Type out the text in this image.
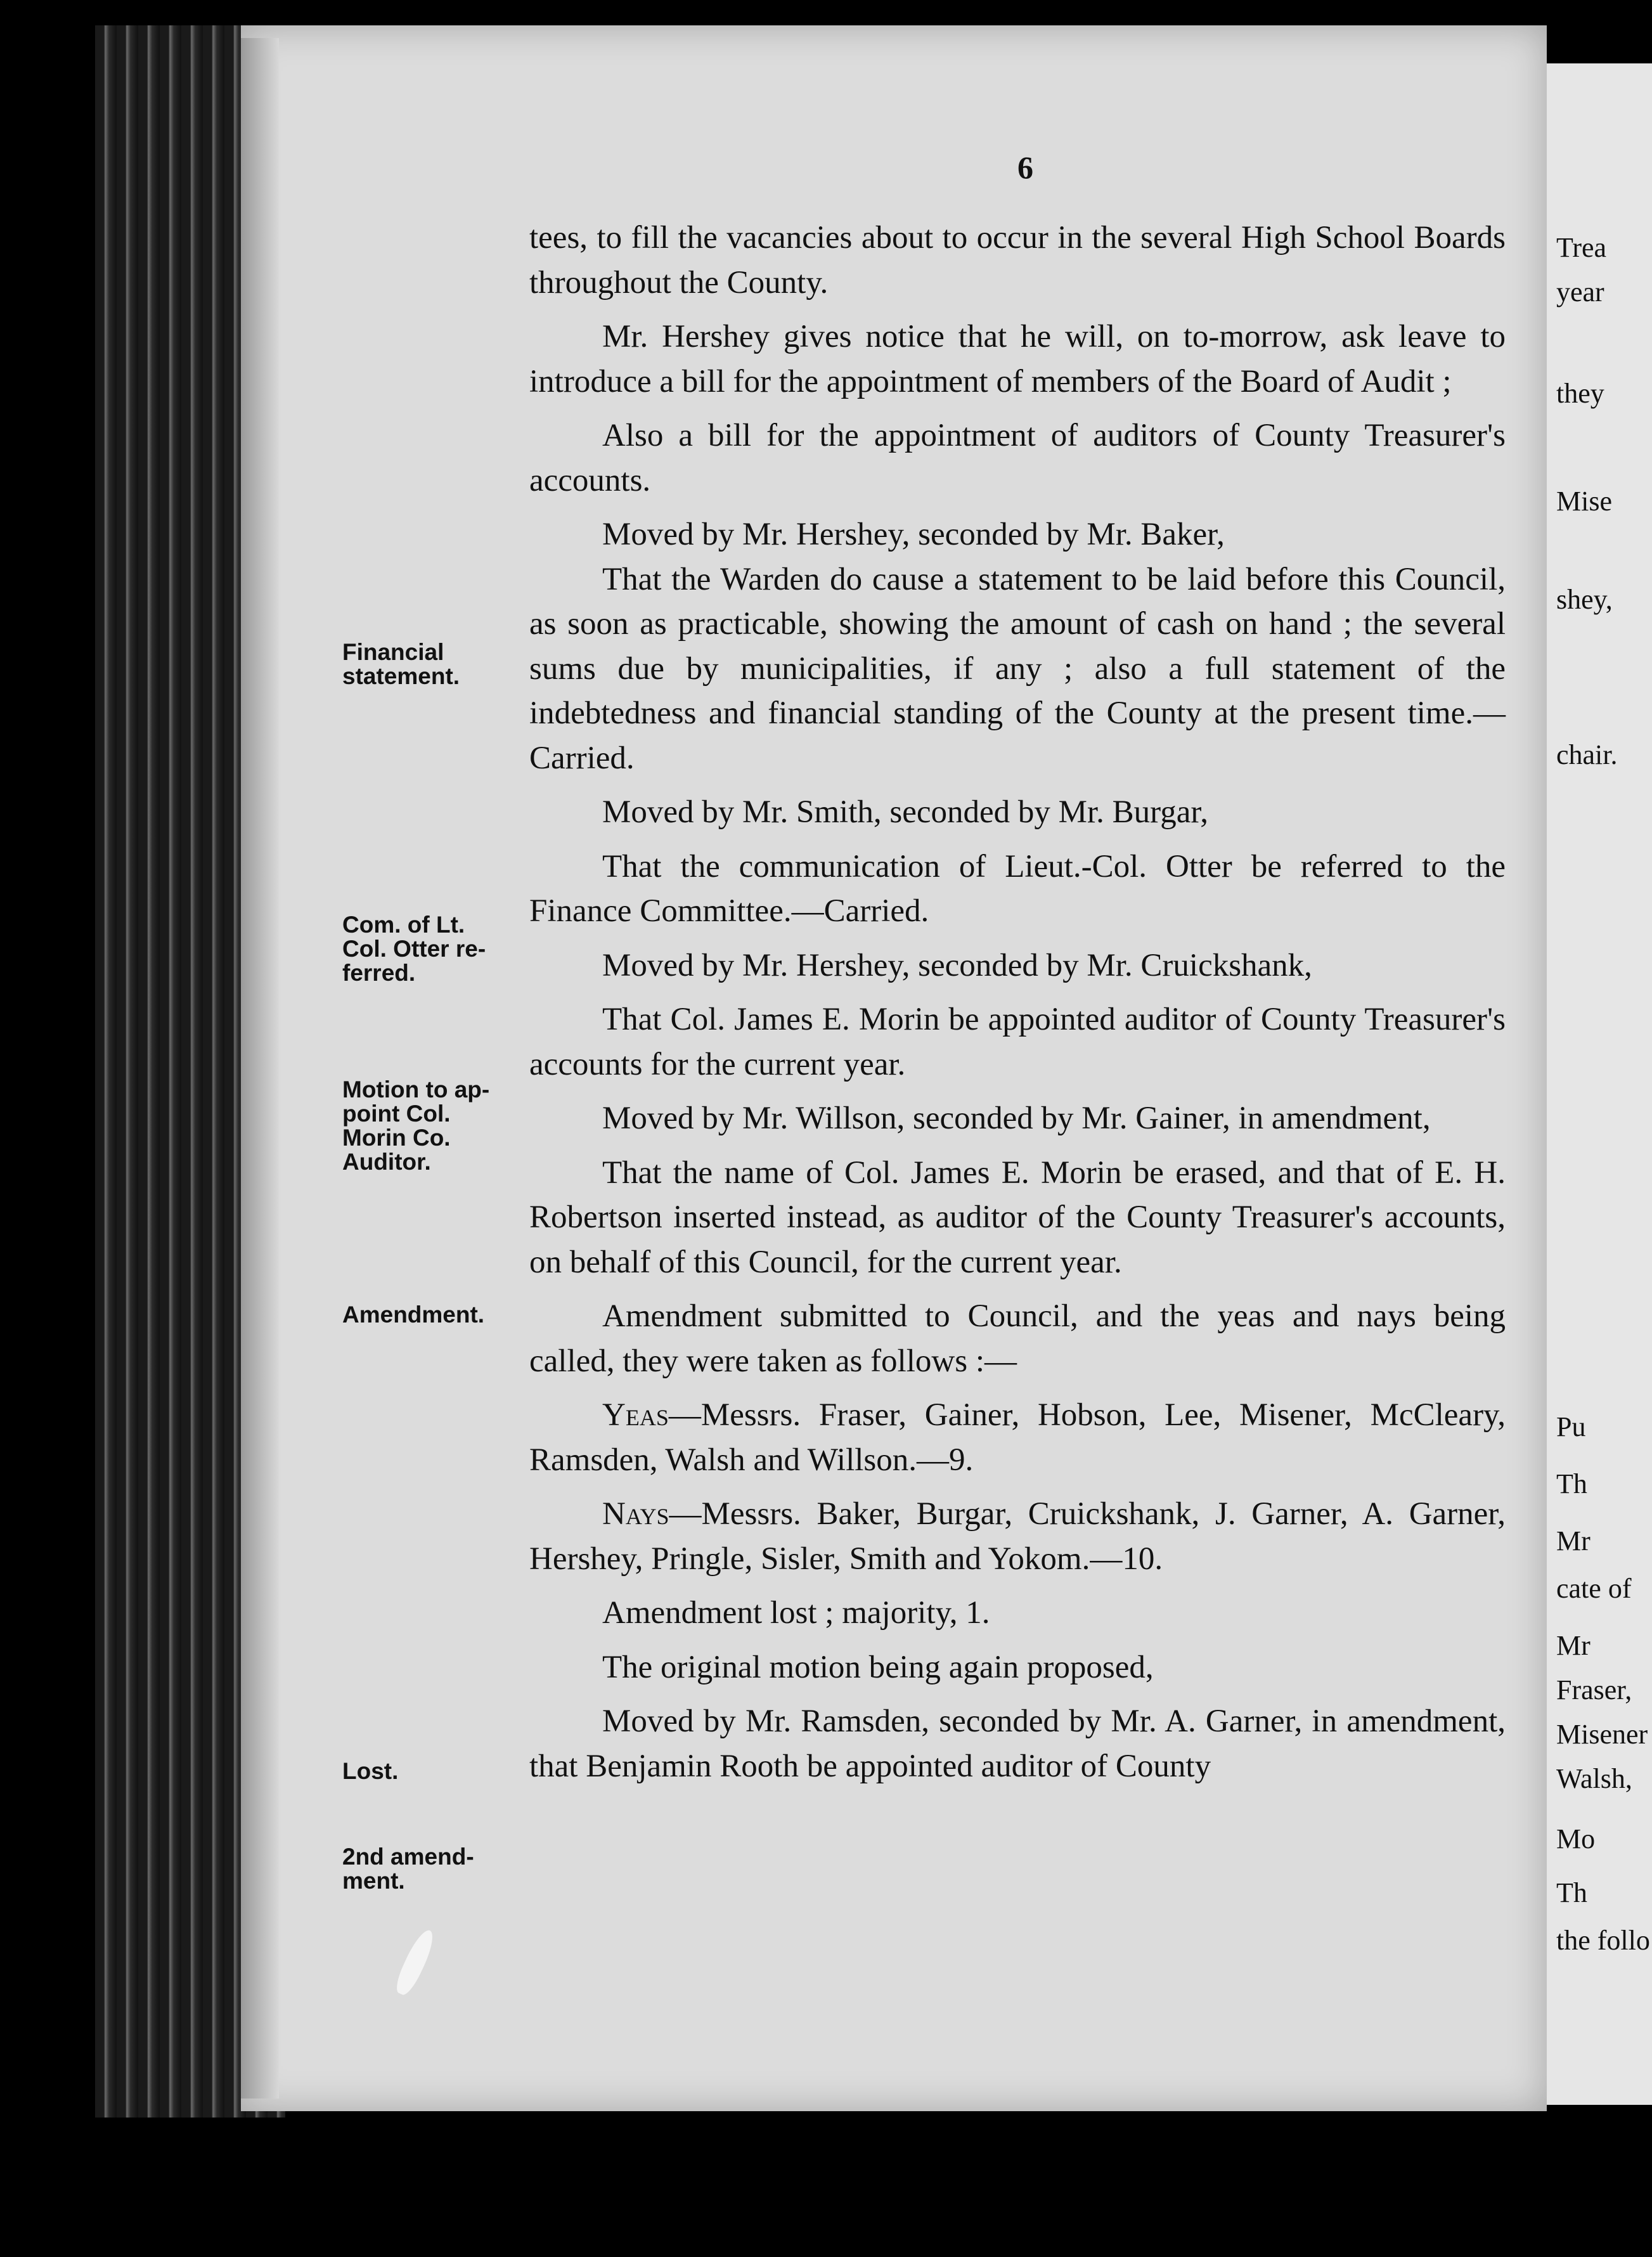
6

tees, to fill the vacancies about to occur in the several High School Boards throughout the County.

Mr. Hershey gives notice that he will, on to-morrow, ask leave to introduce a bill for the appointment of members of the Board of Audit ;

Also a bill for the appointment of auditors of County Treasurer's accounts.

Moved by Mr. Hershey, seconded by Mr. Baker,

That the Warden do cause a statement to be laid before this Council, as soon as practicable, showing the amount of cash on hand ; the several sums due by municipalities, if any ; also a full statement of the indebtedness and financial standing of the County at the present time.—Carried.

Moved by Mr. Smith, seconded by Mr. Burgar,

That the communication of Lieut.-Col. Otter be referred to the Finance Committee.—Carried.

Moved by Mr. Hershey, seconded by Mr. Cruickshank,

That Col. James E. Morin be appointed auditor of County Treasurer's accounts for the current year.

Moved by Mr. Willson, seconded by Mr. Gainer, in amendment,

That the name of Col. James E. Morin be erased, and that of E. H. Robertson inserted instead, as auditor of the County Treasurer's accounts, on behalf of this Council, for the current year.

Amendment submitted to Council, and the yeas and nays being called, they were taken as follows :—

Yeas—Messrs. Fraser, Gainer, Hobson, Lee, Misener, McCleary, Ramsden, Walsh and Willson.—9.

Nays—Messrs. Baker, Burgar, Cruickshank, J. Garner, A. Garner, Hershey, Pringle, Sisler, Smith and Yokom.—10.

Amendment lost ; majority, 1.

The original motion being again proposed,

Moved by Mr. Ramsden, seconded by Mr. A. Garner, in amendment, that Benjamin Rooth be appointed auditor of County

Financial
statement.
Com. of Lt.
Col. Otter re-
ferred.
Motion to ap-
point Col.
Morin Co.
Auditor.
Amendment.
Lost.
2nd amend-
ment.
Trea
year
they
Mise
shey,
chair.
Pu
Th
Mr
cate of
Mr
Fraser,
Misener
Walsh,
Mo
Th
the follo
